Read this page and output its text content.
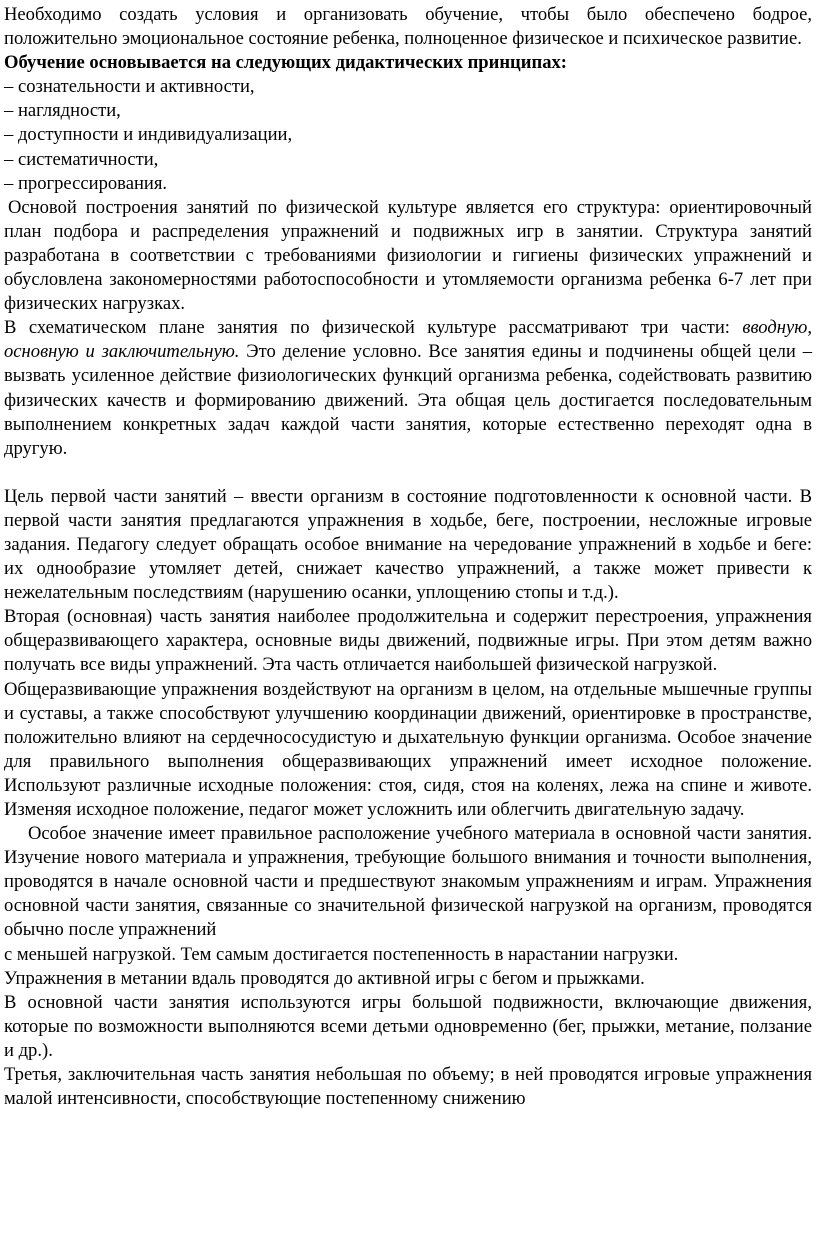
Необходимо создать условия и организовать обучение, чтобы было обеспечено бодрое, положительно эмоциональное состояние ребенка, полноценное физическое и психическое развитие.

Обучение основывается на следующих дидактических принципах:

– сознательности и активности,

– наглядности,

– доступности и индивидуализации,

– систематичности,

– прогрессирования.

Основой построения занятий по физической культуре является его структура: ориентировочный план подбора и распределения упражнений и подвижных игр в занятии. Структура занятий разработана в соответствии с требованиями физиологии и гигиены физических упражнений и обусловлена закономерностями работоспособности и утомляемости организма ребенка 6-7 лет при физических нагрузках.

В схематическом плане занятия по физической культуре рассматривают три части: вводную, основную и заключительную. Это деление условно. Все занятия едины и подчинены общей цели – вызвать усиленное действие физиологических функций организма ребенка, содействовать развитию физических качеств и формированию движений. Эта общая цель достигается последовательным выполнением конкретных задач каждой части занятия, которые естественно переходят одна в другую.

Цель первой части занятий – ввести организм в состояние подготовленности к основной части. В первой части занятия предлагаются упражнения в ходьбе, беге, построении, несложные игровые задания. Педагогу следует обращать особое внимание на чередование упражнений в ходьбе и беге: их однообразие утомляет детей, снижает качество упражнений, а также может привести к нежелательным последствиям (нарушению осанки, уплощению стопы и т.д.).

Вторая (основная) часть занятия наиболее продолжительна и содержит перестроения, упражнения общеразвивающего характера, основные виды движений, подвижные игры. При этом детям важно получать все виды упражнений. Эта часть отличается наибольшей физической нагрузкой.

Общеразвивающие упражнения воздействуют на организм в целом, на отдельные мышечные группы и суставы, а также способствуют улучшению координации движений, ориентировке в пространстве, положительно влияют на сердечнососудистую и дыхательную функции организма. Особое значение для правильного выполнения общеразвивающих упражнений имеет исходное положение. Используют различные исходные положения: стоя, сидя, стоя на коленях, лежа на спине и животе. Изменяя исходное положение, педагог может усложнить или облегчить двигательную задачу.

Особое значение имеет правильное расположение учебного материала в основной части занятия. Изучение нового материала и упражнения, требующие большого внимания и точности выполнения, проводятся в начале основной части и предшествуют знакомым упражнениям и играм. Упражнения основной части занятия, связанные со значительной физической нагрузкой на организм, проводятся обычно после упражнений

с меньшей нагрузкой. Тем самым достигается постепенность в нарастании нагрузки.

Упражнения в метании вдаль проводятся до активной игры с бегом и прыжками.

В основной части занятия используются игры большой подвижности, включающие движения, которые по возможности выполняются всеми детьми одновременно (бег, прыжки, метание, ползание и др.).

Третья, заключительная часть занятия небольшая по объему; в ней проводятся игровые упражнения малой интенсивности, способствующие постепенному снижению
